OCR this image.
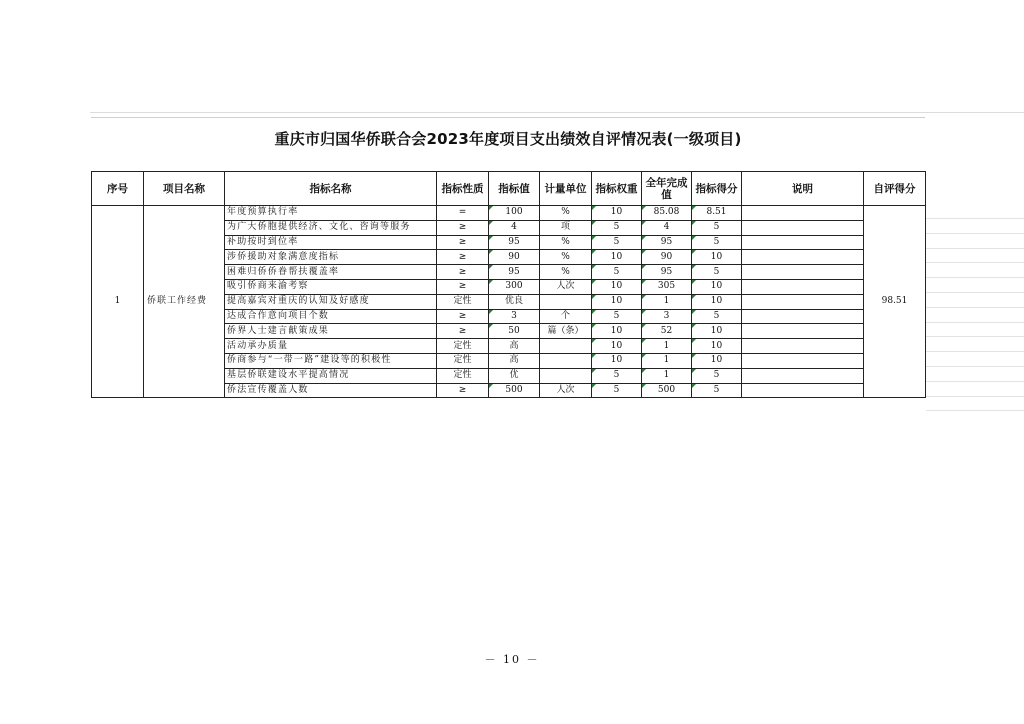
重庆市归国华侨联合会2023年度项目支出绩效自评情况表(一级项目)
序号	项目名称	指标名称	指标性质	指标值	计量单位	指标权重	全年完成值	指标得分	说明	自评得分
1	侨联工作经费	年度预算执行率	=	100	%	10	85.08	8.51		98.51
		为广大侨胞提供经济、文化、咨询等服务	≥	4	项	5	4	5		
		补助按时到位率	≥	95	%	5	95	5		
		涉侨援助对象满意度指标	≥	90	%	10	90	10		
		困难归侨侨眷帮扶覆盖率	≥	95	%	5	95	5		
		吸引侨商来渝考察	≥	300	人次	10	305	10		
		提高嘉宾对重庆的认知及好感度	定性	优良		10	1	10		
		达成合作意向项目个数	≥	3	个	5	3	5		
		侨界人士建言献策成果	≥	50	篇（条）	10	52	10		
		活动承办质量	定性	高		10	1	10		
		侨商参与“一带一路”建设等的积极性	定性	高		10	1	10		
		基层侨联建设水平提高情况	定性	优		5	1	5		
		侨法宣传覆盖人数	≥	500	人次	5	500	5		
－ 10 －
